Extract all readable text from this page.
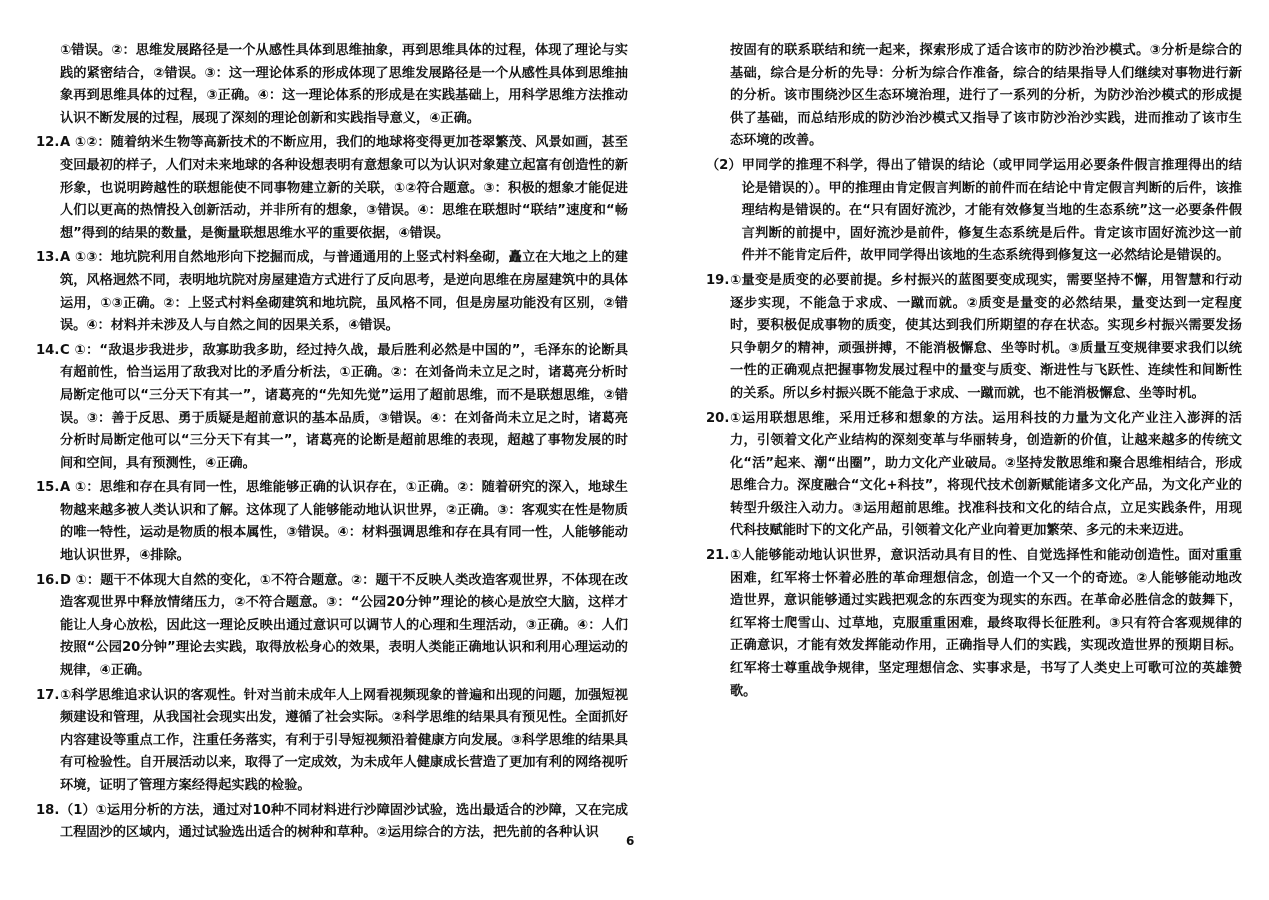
①错误。②：思维发展路径是一个从感性具体到思维抽象，再到思维具体的过程，体现了理论与实践的紧密结合，②错误。③：这一理论体系的形成体现了思维发展路径是一个从感性具体到思维抽象再到思维具体的过程，③正确。④：这一理论体系的形成是在实践基础上，用科学思维方法推动认识不断发展的过程，展现了深刻的理论创新和实践指导意义，④正确。
12. A ①②：随着纳米生物等高新技术的不断应用，我们的地球将变得更加苍翠繁茂、风景如画，甚至变回最初的样子，人们对未来地球的各种设想表明有意想象可以为认识对象建立起富有创造性的新形象，也说明跨越性的联想能使不同事物建立新的关联，①②符合题意。③：积极的想象才能促进人们以更高的热情投入创新活动，并非所有的想象，③错误。④：思维在联想时“联结”速度和“畅想”得到的结果的数量，是衡量联想思维水平的重要依据，④错误。
13. A ①③：地坑院利用自然地形向下挖掘而成，与普通通用的上竖式村料垒砌，矗立在大地之上的建筑，风格迥然不同，表明地坑院对房屋建造方式进行了反向思考，是逆向思维在房屋建筑中的具体运用，①③正确。②：上竖式村料垒砌建筑和地坑院，虽风格不同，但是房屋功能没有区别，②错误。④：材料并未涉及人与自然之间的因果关系，④错误。
14. C ①：“敌退步我进步，敌寡助我多助，经过持久战，最后胜利必然是中国的”，毛泽东的论断具有超前性，恰当运用了敌我对比的矛盾分析法，①正确。②：在刘备尚未立足之时，诸葛亮分析时局断定他可以“三分天下有其一”，诸葛亮的“先知先觉”运用了超前思维，而不是联想思维，②错误。③：善于反思、勇于质疑是超前意识的基本品质，③错误。④：在刘备尚未立足之时，诸葛亮分析时局断定他可以“三分天下有其一”，诸葛亮的论断是超前思维的表现，超越了事物发展的时间和空间，具有预测性，④正确。
15. A ①：思维和存在具有同一性，思维能够正确的认识存在，①正确。②：随着研究的深入，地球生物越来越多被人类认识和了解。这体现了人能够能动地认识世界，②正确。③：客观实在性是物质的唯一特性，运动是物质的根本属性，③错误。④：材料强调思维和存在具有同一性，人能够能动地认识世界，④排除。
16. D ①：题干不体现大自然的变化，①不符合题意。②：题干不反映人类改造客观世界，不体现在改造客观世界中释放情绪压力，②不符合题意。③：“公园20分钟”理论的核心是放空大脑，这样才能让人身心放松，因此这一理论反映出通过意识可以调节人的心理和生理活动，③正确。④：人们按照“公园20分钟”理论去实践，取得放松身心的效果，表明人类能正确地认识和利用心理运动的规律，④正确。
17. ①科学思维追求认识的客观性。针对当前未成年人上网看视频现象的普遍和出现的问题，加强短视频建设和管理，从我国社会现实出发，遵循了社会实际。②科学思维的结果具有预见性。全面抓好内容建设等重点工作，注重任务落实，有利于引导短视频沿着健康方向发展。③科学思维的结果具有可检验性。自开展活动以来，取得了一定成效，为未成年人健康成长营造了更加有利的网络视听环境，证明了管理方案经得起实践的检验。
18. （1）①运用分析的方法，通过对10种不同材料进行沙障固沙试验，选出最适合的沙障，又在完成工程固沙的区域内，通过试验选出适合的树种和草种。②运用综合的方法，把先前的各种认识
按固有的联系联结和统一起来，探索形成了适合该市的防沙治沙模式。③分析是综合的基础，综合是分析的先导：分析为综合作准备，综合的结果指导人们继续对事物进行新的分析。该市围绕沙区生态环境治理，进行了一系列的分析，为防沙治沙模式的形成提供了基础，而总结形成的防沙治沙模式又指导了该市防沙治沙实践，进而推动了该市生态环境的改善。
（2） 甲同学的推理不科学，得出了错误的结论（或甲同学运用必要条件假言推理得出的结论是错误的）。甲的推理由肯定假言判断的前件而在结论中肯定假言判断的后件，该推理结构是错误的。在“只有固好流沙，才能有效修复当地的生态系统”这一必要条件假言判断的前提中，固好流沙是前件，修复生态系统是后件。肯定该市固好流沙这一前件并不能肯定后件，故甲同学得出该地的生态系统得到修复这一必然结论是错误的。
19. ①量变是质变的必要前提。乡村振兴的蓝图要变成现实，需要坚持不懈，用智慧和行动逐步实现，不能急于求成、一蹴而就。②质变是量变的必然结果，量变达到一定程度时，要积极促成事物的质变，使其达到我们所期望的存在状态。实现乡村振兴需要发扬只争朝夕的精神，顽强拼搏，不能消极懈怠、坐等时机。③质量互变规律要求我们以统一性的正确观点把握事物发展过程中的量变与质变、渐进性与飞跃性、连续性和间断性的关系。所以乡村振兴既不能急于求成、一蹴而就，也不能消极懈怠、坐等时机。
20. ①运用联想思维，采用迁移和想象的方法。运用科技的力量为文化产业注入澎湃的活力，引领着文化产业结构的深刻变革与华丽转身，创造新的价值，让越来越多的传统文化“活”起来、潮“出圈”，助力文化产业破局。②坚持发散思维和聚合思维相结合，形成思维合力。深度融合“文化+科技”，将现代技术创新赋能诸多文化产品，为文化产业的转型升级注入动力。③运用超前思维。找准科技和文化的结合点，立足实践条件，用现代科技赋能时下的文化产品，引领着文化产业向着更加繁荣、多元的未来迈进。
21. ①人能够能动地认识世界，意识活动具有目的性、自觉选择性和能动创造性。面对重重困难，红军将士怀着必胜的革命理想信念，创造一个又一个的奇迹。②人能够能动地改造世界，意识能够通过实践把观念的东西变为现实的东西。在革命必胜信念的鼓舞下，红军将士爬雪山、过草地，克服重重困难，最终取得长征胜利。③只有符合客观规律的正确意识，才能有效发挥能动作用，正确指导人们的实践，实现改造世界的预期目标。红军将士尊重战争规律，坚定理想信念、实事求是，书写了人类史上可歌可泣的英雄赞歌。
6
